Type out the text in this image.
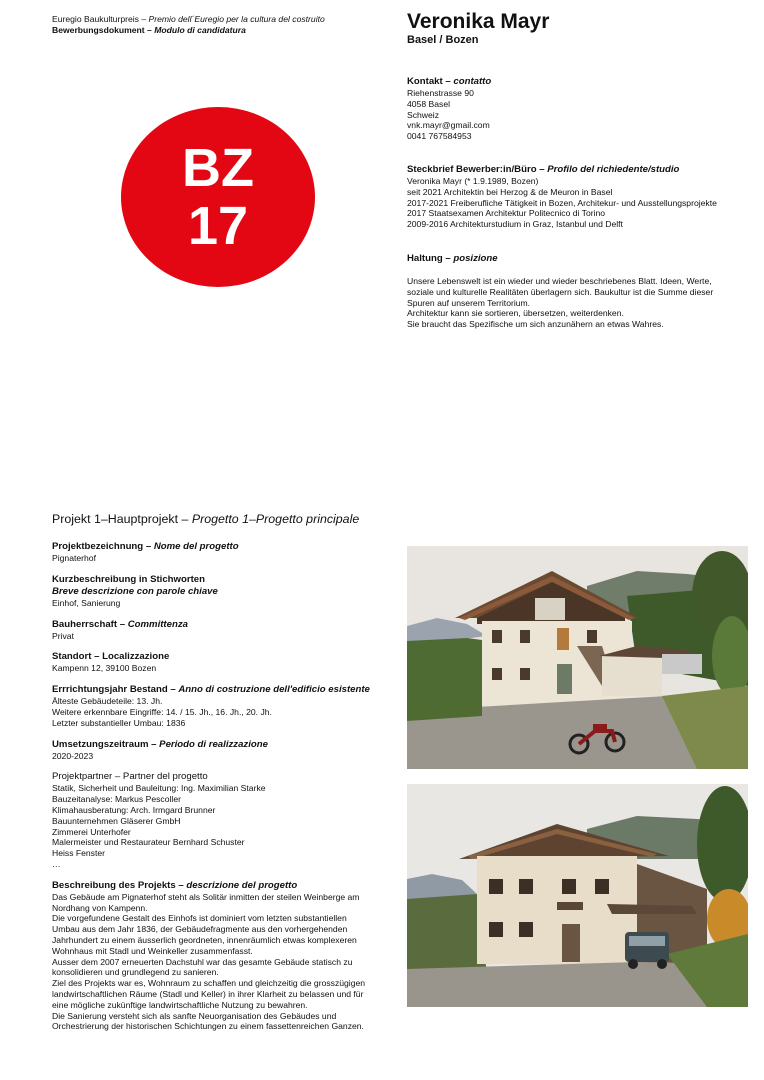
Euregio Baukulturpreis – Premio dell´Euregio per la cultura del costruito
Bewerbungsdokument – Modulo di candidatura
BZ
17
Veronika Mayr
Basel / Bozen
Kontakt – contatto
Riehenstrasse 90
4058 Basel
Schweiz
vnk.mayr@gmail.com
0041 767584953
Steckbrief Bewerber:in/Büro – Profilo del richiedente/studio
Veronika Mayr (* 1.9.1989, Bozen)
seit 2021 Architektin bei Herzog & de Meuron in Basel
2017-2021 Freiberufliche Tätigkeit in Bozen, Architekur- und Ausstellungsprojekte
2017 Staatsexamen Architektur Politecnico di Torino
2009-2016 Architekturstudium in Graz, Istanbul und Delft
Haltung – posizione
Unsere Lebenswelt ist ein wieder und wieder beschriebenes Blatt. Ideen, Werte,
soziale und kulturelle Realitäten überlagern sich. Baukultur ist die Summe dieser
Spuren auf unserem Territorium.
Architektur kann sie sortieren, übersetzen, weiterdenken.
Sie braucht das Spezifische um sich anzunähern an etwas Wahres.
Projekt 1–Hauptprojekt – Progetto 1–Progetto principale
Projektbezeichnung – Nome del progetto
Pignaterhof
Kurzbeschreibung in Stichworten
Breve descrizione con parole chiave
Einhof, Sanierung
Bauherrschaft – Committenza
Privat
Standort – Localizzazione
Kampenn 12, 39100 Bozen
Errrichtungsjahr Bestand – Anno di costruzione dell'edificio esistente
Älteste Gebäudeteile: 13. Jh.
Weitere erkennbare Eingriffe: 14. / 15. Jh., 16. Jh., 20. Jh.
Letzter substantieller Umbau: 1836
Umsetzungszeitraum – Periodo di realizzazione
2020-2023
Projektpartner – Partner del progetto
Statik, Sicherheit und Bauleitung: Ing. Maximilian Starke
Bauzeitanalyse: Markus Pescoller
Klimahausberatung: Arch. Irmgard Brunner
Bauunternehmen Gläserer GmbH
Zimmerei Unterhofer
Malermeister und Restaurateur Bernhard Schuster
Heiss Fenster
…
Beschreibung des Projekts – descrizione del progetto
Das Gebäude am Pignaterhof steht als Solitär inmitten der steilen Weinberge am
Nordhang von Kampenn.
Die vorgefundene Gestalt des Einhofs ist dominiert vom letzten substantiellen
Umbau aus dem Jahr 1836, der Gebäudefragmente aus den vorhergehenden
Jahrhundert zu einem äusserlich geordneten, innenräumlich etwas komplexeren
Wohnhaus mit Stadl und Weinkeller zusammenfasst.
Ausser dem 2007 erneuerten Dachstuhl war das gesamte Gebäude statisch zu
konsolidieren und grundlegend zu sanieren.
Ziel des Projekts war es, Wohnraum zu schaffen und gleichzeitig die grosszügigen
landwirtschaftlichen Räume (Stadl und Keller) in ihrer Klarheit zu belassen und für
eine mögliche zukünftige landwirtschaftliche Nutzung zu bewahren.
Die Sanierung versteht sich als sanfte Neuorganisation des Gebäudes und
Orchestrierung der historischen Schichtungen zu einem fassettenreichen Ganzen.
